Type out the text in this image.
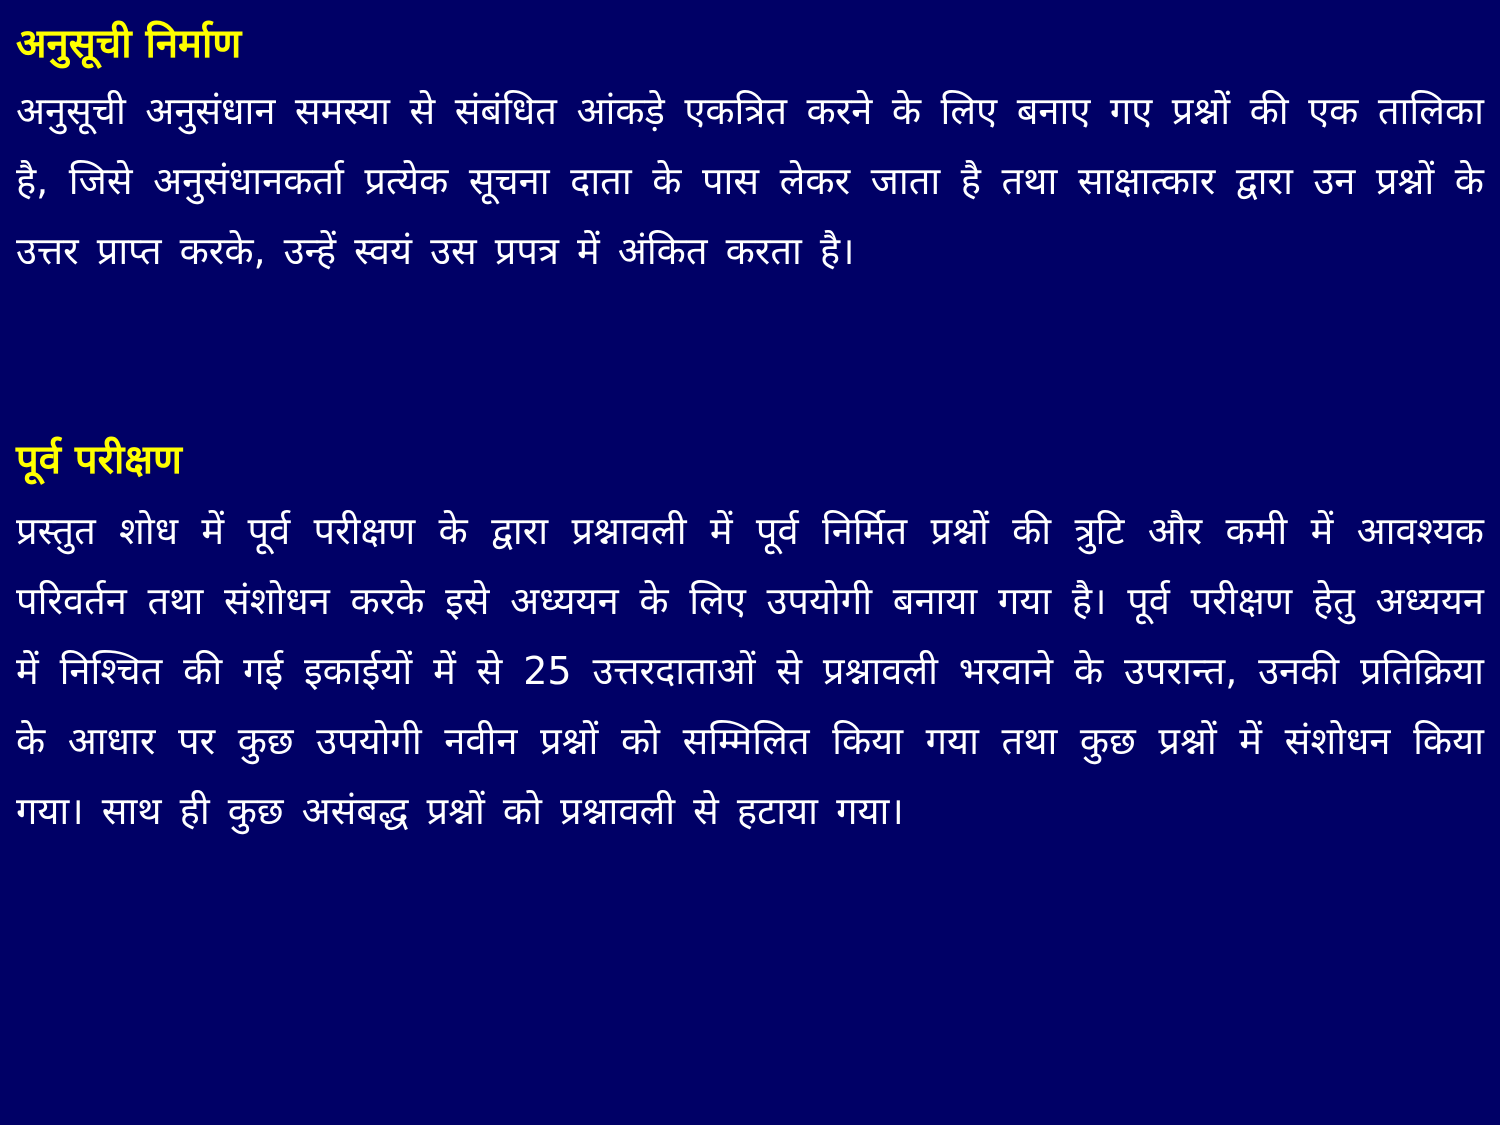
अनुसूची निर्माण

अनुसूची अनुसंधान समस्या से संबंधित आंकड़े एकत्रित करने के लिए बनाए गए प्रश्नों की एक तालिका है, जिसे अनुसंधानकर्ता प्रत्येक सूचना दाता के पास लेकर जाता है तथा साक्षात्कार द्वारा उन प्रश्नों के उत्तर प्राप्त करके, उन्हें स्वयं उस प्रपत्र में अंकित करता है।

पूर्व परीक्षण

प्रस्तुत शोध में पूर्व परीक्षण के द्वारा प्रश्नावली में पूर्व निर्मित प्रश्नों की त्रुटि और कमी में आवश्यक परिवर्तन तथा संशोधन करके इसे अध्ययन के लिए उपयोगी बनाया गया है। पूर्व परीक्षण हेतु अध्ययन में निश्चित की गई इकाईयों में से 25 उत्तरदाताओं से प्रश्नावली भरवाने के उपरान्त, उनकी प्रतिक्रिया के आधार पर कुछ उपयोगी नवीन प्रश्नों को सम्मिलित किया गया तथा कुछ प्रश्नों में संशोधन किया गया। साथ ही कुछ असंबद्ध प्रश्नों को प्रश्नावली से हटाया गया।
